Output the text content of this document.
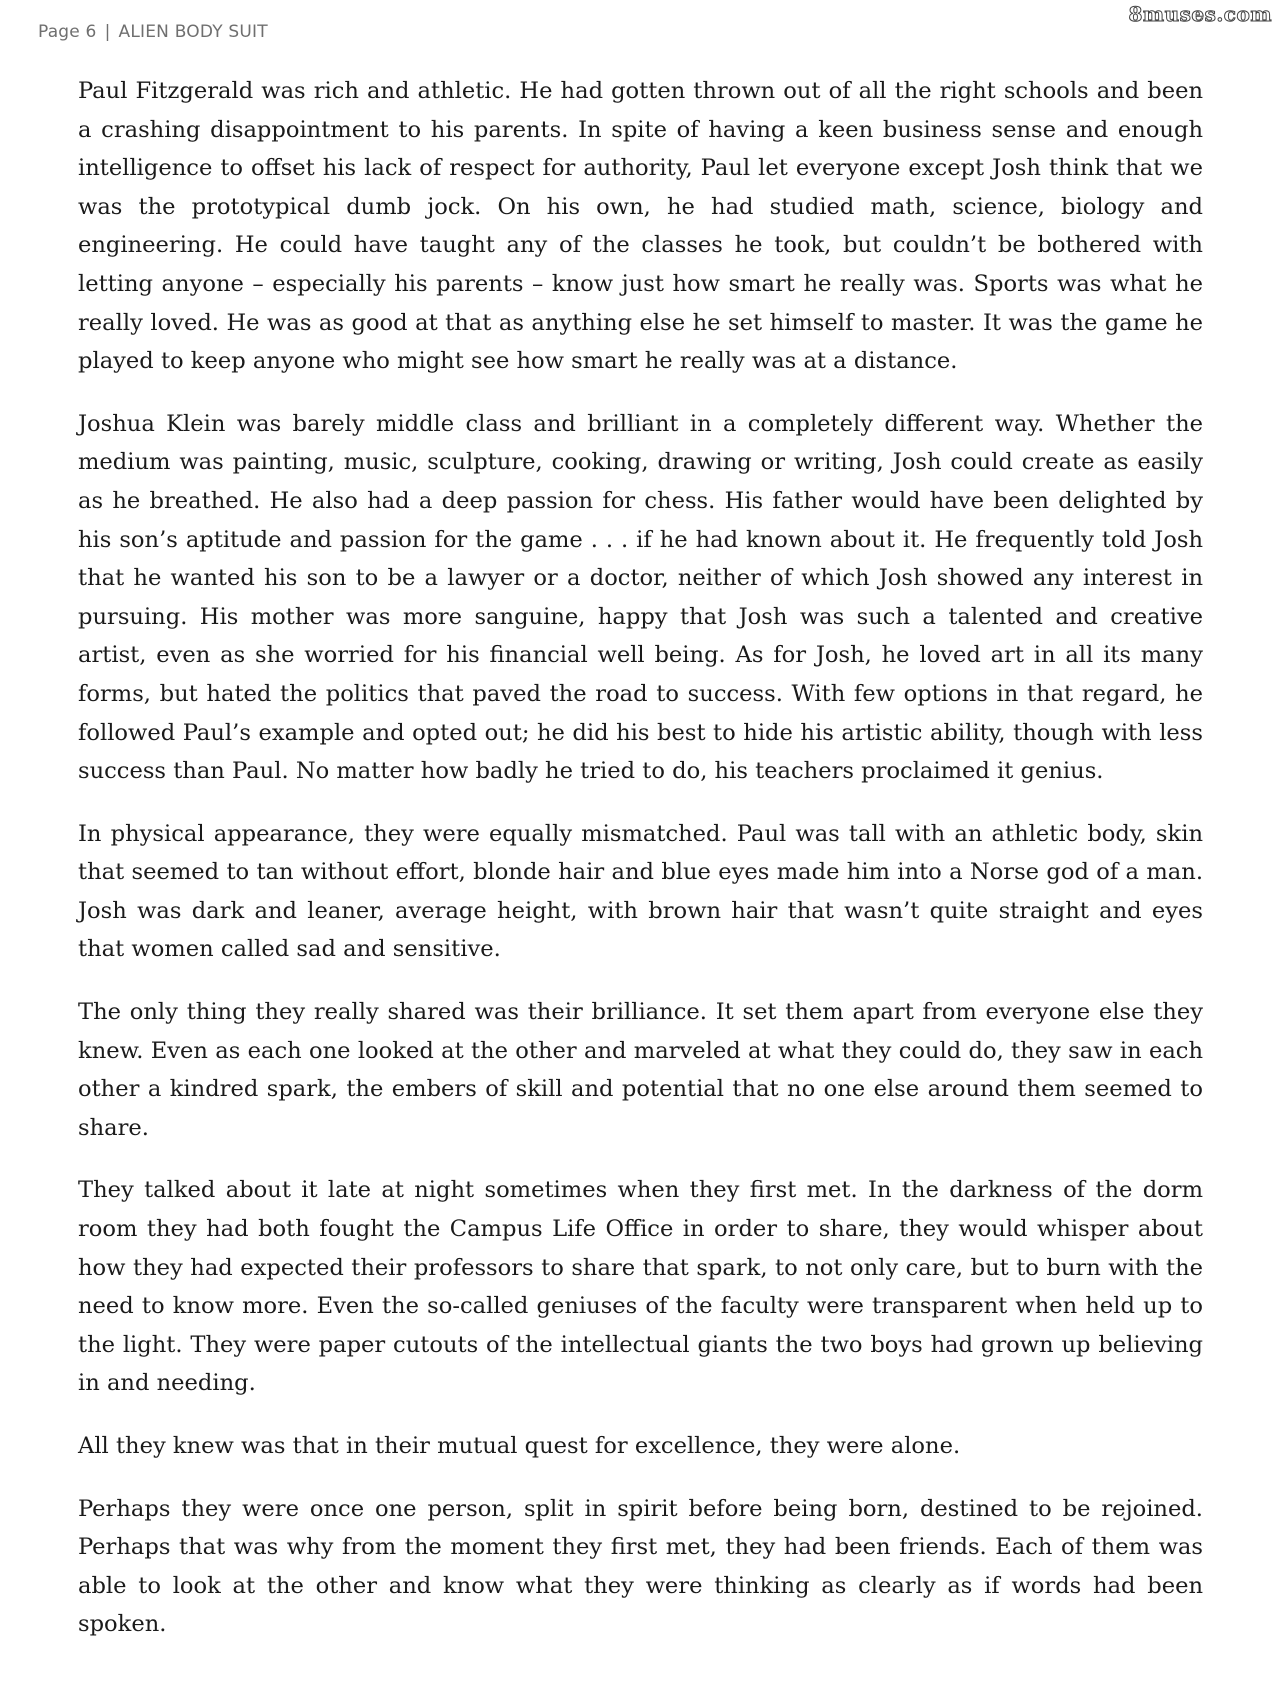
Page 6 | ALIEN BODY SUIT
8muses.com

Paul Fitzgerald was rich and athletic. He had gotten thrown out of all the right schools and been a crashing disappointment to his parents. In spite of having a keen business sense and enough intelligence to offset his lack of respect for authority, Paul let everyone except Josh think that we was the prototypical dumb jock. On his own, he had studied math, science, biology and engineering. He could have taught any of the classes he took, but couldn’t be bothered with letting anyone – especially his parents – know just how smart he really was. Sports was what he really loved. He was as good at that as anything else he set himself to master. It was the game he played to keep anyone who might see how smart he really was at a distance.

Joshua Klein was barely middle class and brilliant in a completely different way. Whether the medium was painting, music, sculpture, cooking, drawing or writing, Josh could create as easily as he breathed. He also had a deep passion for chess. His father would have been delighted by his son’s aptitude and passion for the game . . . if he had known about it. He frequently told Josh that he wanted his son to be a lawyer or a doctor, neither of which Josh showed any interest in pursuing. His mother was more sanguine, happy that Josh was such a talented and creative artist, even as she worried for his financial well being. As for Josh, he loved art in all its many forms, but hated the politics that paved the road to success. With few options in that regard, he followed Paul’s example and opted out; he did his best to hide his artistic ability, though with less success than Paul. No matter how badly he tried to do, his teachers proclaimed it genius.

In physical appearance, they were equally mismatched. Paul was tall with an athletic body, skin that seemed to tan without effort, blonde hair and blue eyes made him into a Norse god of a man. Josh was dark and leaner, average height, with brown hair that wasn’t quite straight and eyes that women called sad and sensitive.

The only thing they really shared was their brilliance. It set them apart from everyone else they knew. Even as each one looked at the other and marveled at what they could do, they saw in each other a kindred spark, the embers of skill and potential that no one else around them seemed to share.

They talked about it late at night sometimes when they first met. In the darkness of the dorm room they had both fought the Campus Life Office in order to share, they would whisper about how they had expected their professors to share that spark, to not only care, but to burn with the need to know more. Even the so-called geniuses of the faculty were transparent when held up to the light. They were paper cutouts of the intellectual giants the two boys had grown up believing in and needing.

All they knew was that in their mutual quest for excellence, they were alone.

Perhaps they were once one person, split in spirit before being born, destined to be rejoined. Perhaps that was why from the moment they first met, they had been friends. Each of them was able to look at the other and know what they were thinking as clearly as if words had been spoken.
